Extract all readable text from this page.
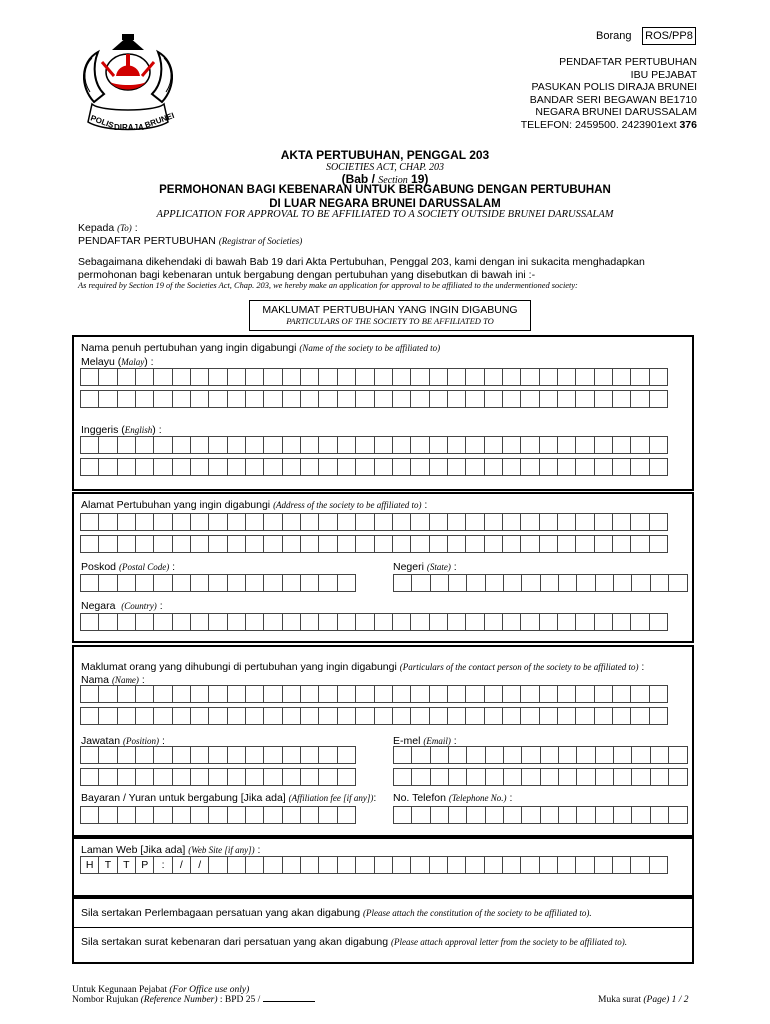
POLIS DIRAJA BRUNEI
Borang ROS/PP8
PENDAFTAR PERTUBUHAN
IBU PEJABAT
PASUKAN POLIS DIRAJA BRUNEI
BANDAR SERI BEGAWAN BE1710
NEGARA BRUNEI DARUSSALAM
TELEFON: 2459500. 2423901ext 376
AKTA PERTUBUHAN, PENGGAL 203
SOCIETIES ACT, CHAP. 203
(Bab / Section 19)
PERMOHONAN BAGI KEBENARAN UNTUK BERGABUNG DENGAN PERTUBUHAN
DI LUAR NEGARA BRUNEI DARUSSALAM
APPLICATION FOR APPROVAL TO BE AFFILIATED TO A SOCIETY OUTSIDE BRUNEI DARUSSALAM
Kepada (To) :
PENDAFTAR PERTUBUHAN (Registrar of Societies)
Sebagaimana dikehendaki di bawah Bab 19 dari Akta Pertubuhan, Penggal 203, kami dengan ini sukacita menghadapkan
permohonan bagi kebenaran untuk bergabung dengan pertubuhan yang disebutkan di bawah ini :-
As required by Section 19 of the Societies Act, Chap. 203, we hereby make an application for approval to be affiliated to the undermentioned society:
MAKLUMAT PERTUBUHAN YANG INGIN DIGABUNG
PARTICULARS OF THE SOCIETY TO BE AFFILIATED TO
Nama penuh pertubuhan yang ingin digabungi (Name of the society to be affiliated to)
Melayu (Malay) :
Inggeris (English) :
Alamat Pertubuhan yang ingin digabungi (Address of the society to be affiliated to) :
Poskod (Postal Code) :	Negeri (State) :
Negara (Country) :
Maklumat orang yang dihubungi di pertubuhan yang ingin digabungi (Particulars of the contact person of the society to be affiliated to) :
Nama (Name) :
Jawatan (Position) :	E-mel (Email) :
Bayaran / Yuran untuk bergabung [Jika ada] (Affiliation fee [if any]): No. Telefon (Telephone No.) :
Laman Web [Jika ada] (Web Site [if any]) :
H	T	T	P	:	/	/
Sila sertakan Perlembagaan persatuan yang akan digabung (Please attach the constitution of the society to be affiliated to).
Sila sertakan surat kebenaran dari persatuan yang akan digabung (Please attach approval letter from the society to be affiliated to).
Untuk Kegunaan Pejabat (For Office use only)
Nombor Rujukan (Reference Number) : BPD 25 /	Muka surat (Page) 1 / 2
